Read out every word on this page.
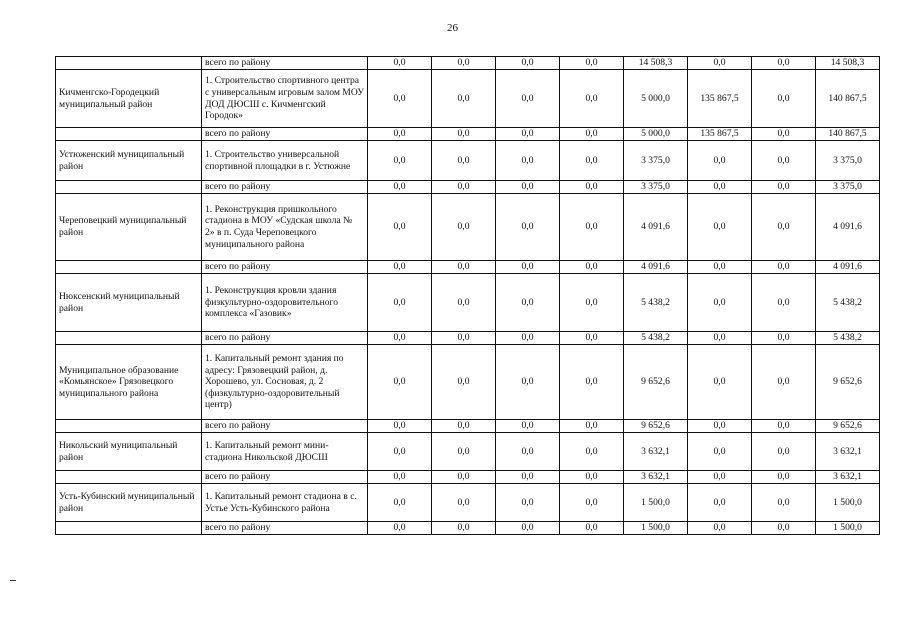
26
	всего по району	0,0	0,0	0,0	0,0	14 508,3	0,0	0,0	14 508,3
Кичменгско-Городецкий муниципальный район	1. Строительство спортивного центра с универсальным игровым залом МОУ ДОД ДЮСШ с. Кичменгский Городок»	0,0	0,0	0,0	0,0	5 000,0	135 867,5	0,0	140 867,5
	всего по району	0,0	0,0	0,0	0,0	5 000,0	135 867,5	0,0	140 867,5
Устюженский муниципальный район	1. Строительство универсальной спортивной площадки в г. Устюжне	0,0	0,0	0,0	0,0	3 375,0	0,0	0,0	3 375,0
	всего по району	0,0	0,0	0,0	0,0	3 375,0	0,0	0,0	3 375,0
Череповецкий муниципальный район	1. Реконструкция пришкольного стадиона в МОУ «Судская школа № 2» в п. Суда Череповецкого муниципального района	0,0	0,0	0,0	0,0	4 091,6	0,0	0,0	4 091,6
	всего по району	0,0	0,0	0,0	0,0	4 091,6	0,0	0,0	4 091,6
Нюксенский муниципальный район	1. Реконструкция кровли здания физкультурно-оздоровительного комплекса «Газовик»	0,0	0,0	0,0	0,0	5 438,2	0,0	0,0	5 438,2
	всего по району	0,0	0,0	0,0	0,0	5 438,2	0,0	0,0	5 438,2
Муниципальное образование «Комьянское» Грязовецкого муниципального района	1. Капитальный ремонт здания по адресу: Грязовецкий район, д. Хорошево, ул. Сосновая, д. 2 (физкультурно-оздоровительный центр)	0,0	0,0	0,0	0,0	9 652,6	0,0	0,0	9 652,6
	всего по району	0,0	0,0	0,0	0,0	9 652,6	0,0	0,0	9 652,6
Никольский муниципальный район	1. Капитальный ремонт мини-стадиона Никольской ДЮСШ	0,0	0,0	0,0	0,0	3 632,1	0,0	0,0	3 632,1
	всего по району	0,0	0,0	0,0	0,0	3 632,1	0,0	0,0	3 632,1
Усть-Кубинский муниципальный район	1. Капитальный ремонт стадиона в с. Устье Усть-Кубинского района	0,0	0,0	0,0	0,0	1 500,0	0,0	0,0	1 500,0
	всего по району	0,0	0,0	0,0	0,0	1 500,0	0,0	0,0	1 500,0
